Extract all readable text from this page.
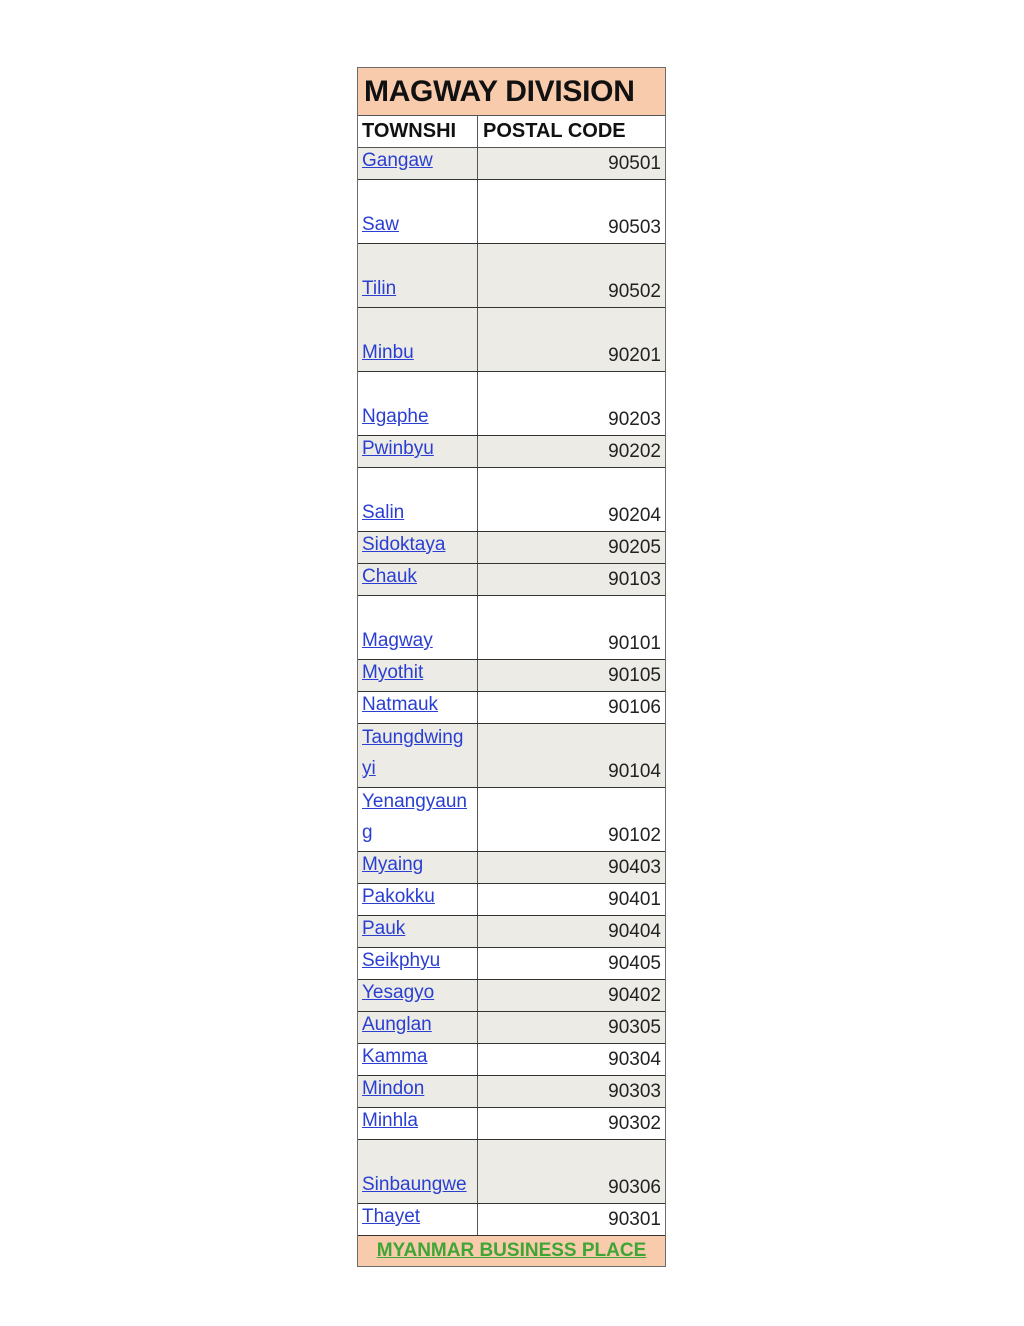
MAGWAY DIVISION
TOWNSHI	POSTAL CODE
Gangaw	90501
Saw	90503
Tilin	90502
Minbu	90201
Ngaphe	90203
Pwinbyu	90202
Salin	90204
Sidoktaya	90205
Chauk	90103
Magway	90101
Myothit	90105
Natmauk	90106
Taungdwingyi	90104
Yenangyaung	90102
Myaing	90403
Pakokku	90401
Pauk	90404
Seikphyu	90405
Yesagyo	90402
Aunglan	90305
Kamma	90304
Mindon	90303
Minhla	90302
Sinbaungwe	90306
Thayet	90301
MYANMAR BUSINESS PLACE
